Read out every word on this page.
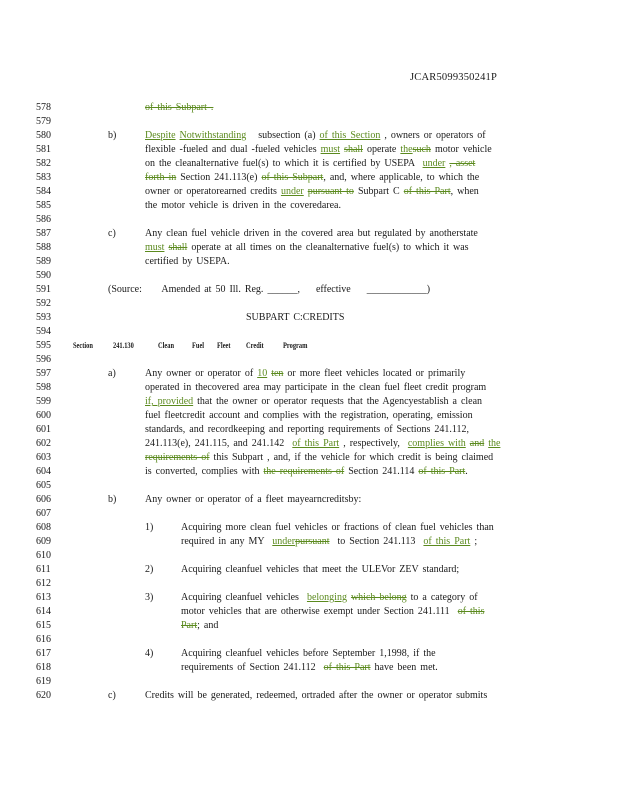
JCAR5099350241P
578
579
580
581
582
583
584
585
586
587
588
589
590
591
592
593
594
595
596
597
598
599
600
601
602
603
604
605
606
607
608
609
610
611
612
613
614
615
616
617
618
619
620
of this Subpart .
b)	Despite Notwithstanding subsection (a) of this Section , owners or operators of
flexible -fueled and dual -fueled vehicles must shall operate thesuch motor vehicle
on the cleanalternative fuel(s) to which it is certified by USEPA under , asset
forth in Section 241.113(e) of this Subpart, and, where applicable, to which the
owner or operatorearned credits under pursuant to Subpart C of this Part, when
the motor vehicle is driven in the coveredarea.
c)	Any clean fuel vehicle driven in the covered area but regulated by anotherstate
must shall operate at all times on the cleanalternative fuel(s) to which it was
certified by USEPA.
(Source: Amended at 50 Ill. Reg. ______, effective ____________)
SUBPART C:CREDITS
Section	241.130	Clean Fuel Fleet Credit Program
a)	Any owner or operator of 10 ten or more fleet vehicles located or primarily
operated in thecovered area may participate in the clean fuel fleet credit program
if, provided that the owner or operator requests that the Agencyestablish a clean
fuel fleetcredit account and complies with the registration, operating, emission
standards, and recordkeeping and reporting requirements of Sections 241.112,
241.113(e), 241.115, and 241.142 of this Part , respectively, complies with and the
requirements of this Subpart , and, if the vehicle for which credit is being claimed
is converted, complies with the requirements of Section 241.114 of this Part.
b)	Any owner or operator of a fleet mayearncreditsby:
1)	Acquiring more clean fuel vehicles or fractions of clean fuel vehicles than
required in any MY underpursuant to Section 241.113 of this Part ;
2)	Acquiring cleanfuel vehicles that meet the ULEVor ZEV standard;
3)	Acquiring cleanfuel vehicles belonging which belong to a category of
motor vehicles that are otherwise exempt under Section 241.111 of this
Part; and
4)	Acquiring cleanfuel vehicles before September 1,1998, if the
requirements of Section 241.112 of this Part have been met.
c)	Credits will be generated, redeemed, ortraded after the owner or operator submits
